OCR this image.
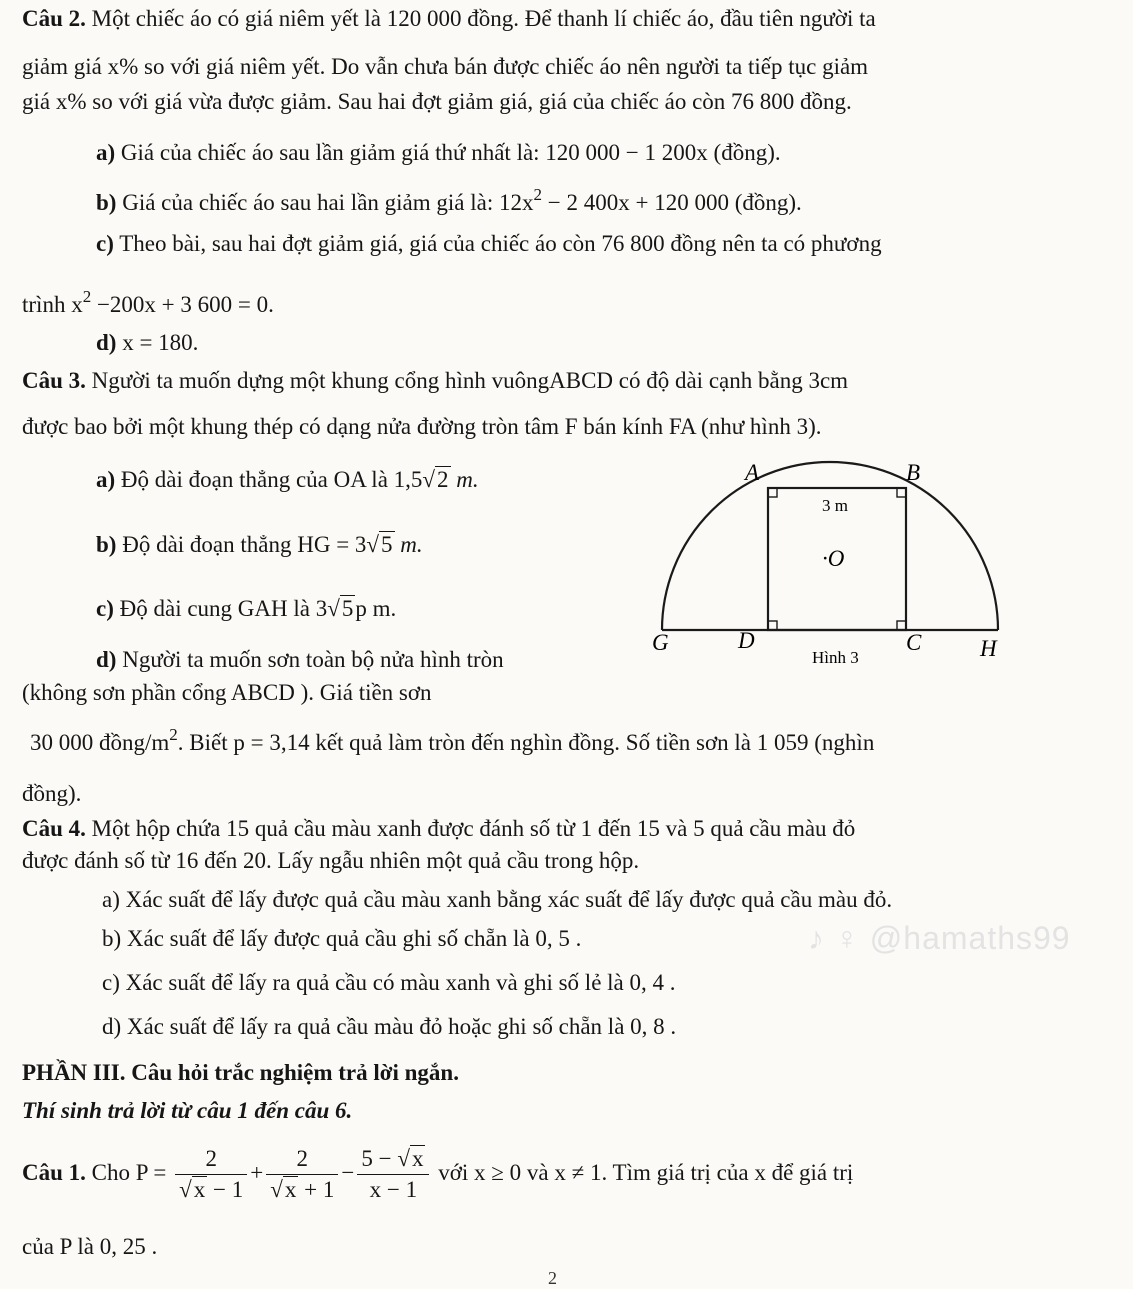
Câu 2. Một chiếc áo có giá niêm yết là 120 000 đồng. Để thanh lí chiếc áo, đầu tiên người ta
giảm giá x% so với giá niêm yết. Do vẫn chưa bán được chiếc áo nên người ta tiếp tục giảm
giá x% so với giá vừa được giảm. Sau hai đợt giảm giá, giá của chiếc áo còn 76 800 đồng.
a) Giá của chiếc áo sau lần giảm giá thứ nhất là: 120 000 − 1 200x (đồng).
b) Giá của chiếc áo sau hai lần giảm giá là: $12x^2 - 2$ 400x + 120 000 (đồng).
c) Theo bài, sau hai đợt giảm giá, giá của chiếc áo còn 76 800 đồng nên ta có phương
trình $x^2 -200x + 3$ 600 = 0.
d) x = 180.
Câu 3. Người ta muốn dựng một khung cổng hình vuôngABCD có độ dài cạnh bằng 3cm
được bao bởi một khung thép có dạng nửa đường tròn tâm F bán kính FA (như hình 3).
a) Độ dài đoạn thẳng của OA là 1,5√2 m.
b) Độ dài đoạn thẳng HG = 3√5 m.
c) Độ dài cung GAH là 3√5p m.
d) Người ta muốn sơn toàn bộ nửa hình tròn
(không sơn phần cổng ABCD ). Giá tiền sơn
30 000 đồng/$m^2$. Biết p = 3,14 kết quả làm tròn đến nghìn đồng. Số tiền sơn là 1 059 (nghìn
đồng).
A	B
3 m
·O
G	D
Hình 3
C	H
Câu 4. Một hộp chứa 15 quả cầu màu xanh được đánh số từ 1 đến 15 và 5 quả cầu màu đỏ
được đánh số từ 16 đến 20. Lấy ngẫu nhiên một quả cầu trong hộp.
a) Xác suất để lấy được quả cầu màu xanh bằng xác suất để lấy được quả cầu màu đỏ.
b) Xác suất để lấy được quả cầu ghi số chẵn là 0, 5 .
c) Xác suất để lấy ra quả cầu có màu xanh và ghi số lẻ là 0, 4 .
d) Xác suất để lấy ra quả cầu màu đỏ hoặc ghi số chẵn là 0, 8 .
♪ ♀ @hamaths99
PHẦN III. Câu hỏi trắc nghiệm trả lời ngắn.
Thí sinh trả lời từ câu 1 đến câu 6.
Câu 1. Cho $P = \frac{2}{√x - 1} + \frac{2}{√x + 1} - \frac{5 - √x}{x - 1}$ với x ≥ 0 và x ≠ 1. Tìm giá trị của x để giá trị
của P là 0, 25 .
2
